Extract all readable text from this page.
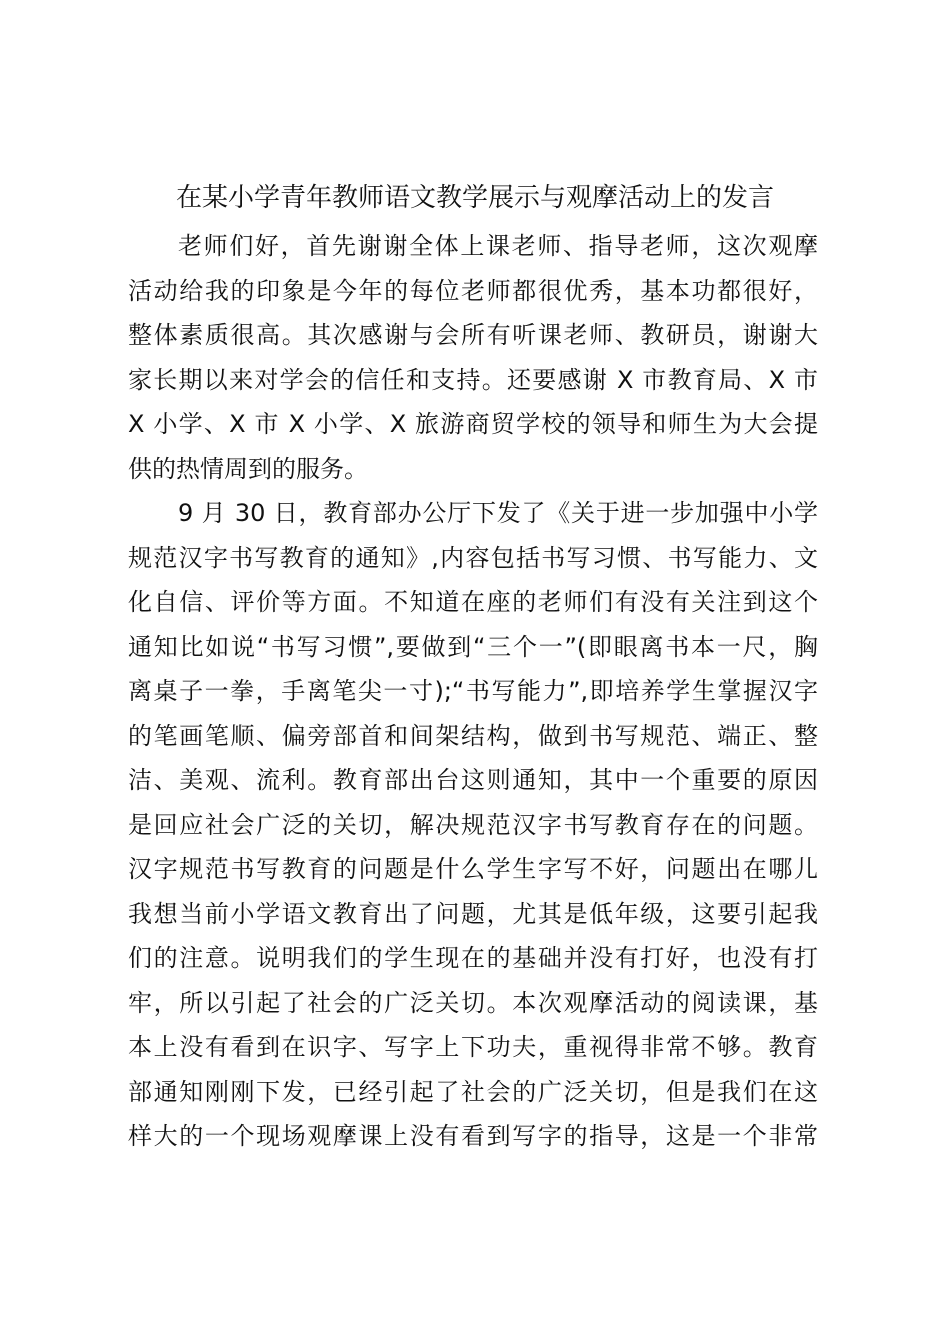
在某小学青年教师语文教学展示与观摩活动上的发言

老师们好，首先谢谢全体上课老师、指导老师，这次观摩
活动给我的印象是今年的每位老师都很优秀，基本功都很好，
整体素质很高。其次感谢与会所有听课老师、教研员，谢谢大
家长期以来对学会的信任和支持。还要感谢 X 市教育局、X 市
X 小学、X 市 X 小学、X 旅游商贸学校的领导和师生为大会提
供的热情周到的服务。

9 月 30 日，教育部办公厅下发了《关于进一步加强中小学
规范汉字书写教育的通知》,内容包括书写习惯、书写能力、文
化自信、评价等方面。不知道在座的老师们有没有关注到这个
通知比如说“书写习惯”,要做到“三个一”(即眼离书本一尺，胸
离桌子一拳，手离笔尖一寸);“书写能力”,即培养学生掌握汉字
的笔画笔顺、偏旁部首和间架结构，做到书写规范、端正、整
洁、美观、流利。教育部出台这则通知，其中一个重要的原因
是回应社会广泛的关切，解决规范汉字书写教育存在的问题。
汉字规范书写教育的问题是什么学生字写不好，问题出在哪儿
我想当前小学语文教育出了问题，尤其是低年级，这要引起我
们的注意。说明我们的学生现在的基础并没有打好，也没有打
牢，所以引起了社会的广泛关切。本次观摩活动的阅读课，基
本上没有看到在识字、写字上下功夫，重视得非常不够。教育
部通知刚刚下发，已经引起了社会的广泛关切，但是我们在这
样大的一个现场观摩课上没有看到写字的指导，这是一个非常
